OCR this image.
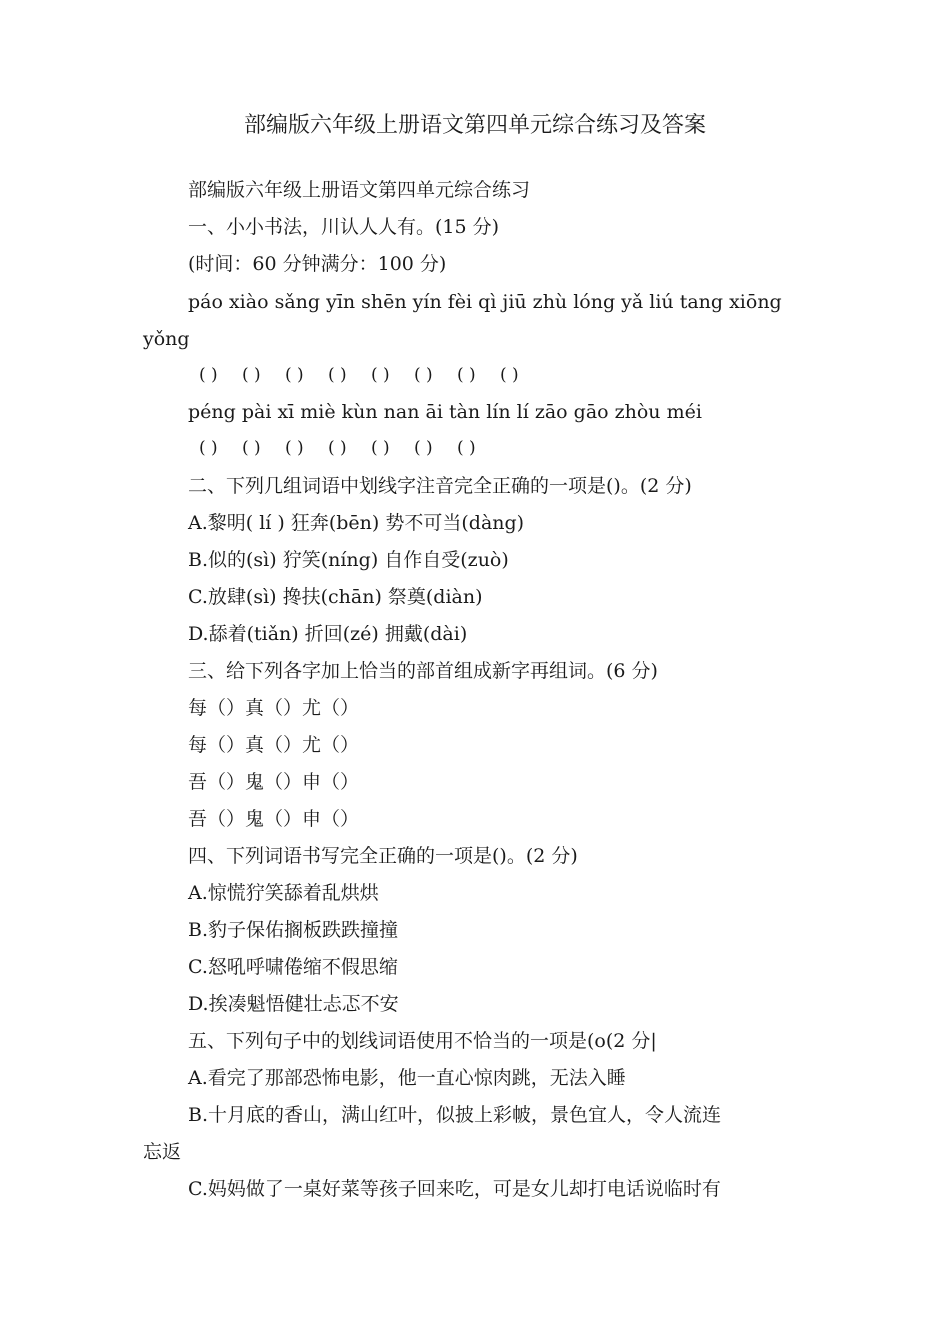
部编版六年级上册语文第四单元综合练习及答案
部编版六年级上册语文第四单元综合练习
一、小小书法，川认人人有。(15 分)
(时间：60 分钟满分：100 分)
páo xiào sǎng yīn shēn yín fèi qì jiū zhù lóng yǎ liú tang xiōng
yǒng
( ) ( ) ( ) ( ) ( ) ( ) ( ) ( )
péng pài xī miè kùn nan āi tàn lín lí zāo gāo zhòu méi
( ) ( ) ( ) ( ) ( ) ( ) ( )
二、下列几组词语中划线字注音完全正确的一项是()。(2 分)
A.黎明( lí ) 狂奔(bēn) 势不可当(dàng)
B.似的(sì) 狞笑(níng) 自作自受(zuò)
C.放肆(sì) 搀扶(chān) 祭奠(diàn)
D.舔着(tiǎn) 折回(zé) 拥戴(dài)
三、给下列各字加上恰当的部首组成新字再组词。(6 分)
每（）真（）尤（）
每（）真（）尤（）
吾（）鬼（）申（）
吾（）鬼（）申（）
四、下列词语书写完全正确的一项是()。(2 分)
A.惊慌狞笑舔着乱烘烘
B.豹子保佑搁板跌跌撞撞
C.怒吼呼啸倦缩不假思缩
D.挨凑魁悟健壮忐忑不安
五、下列句子中的划线词语使用不恰当的一项是(o(2 分|
A.看完了那部恐怖电影，他一直心惊肉跳，无法入睡
B.十月底的香山，满山红叶，似披上彩帔，景色宜人，令人流连
忘返
C.妈妈做了一桌好菜等孩子回来吃，可是女儿却打电话说临时有
